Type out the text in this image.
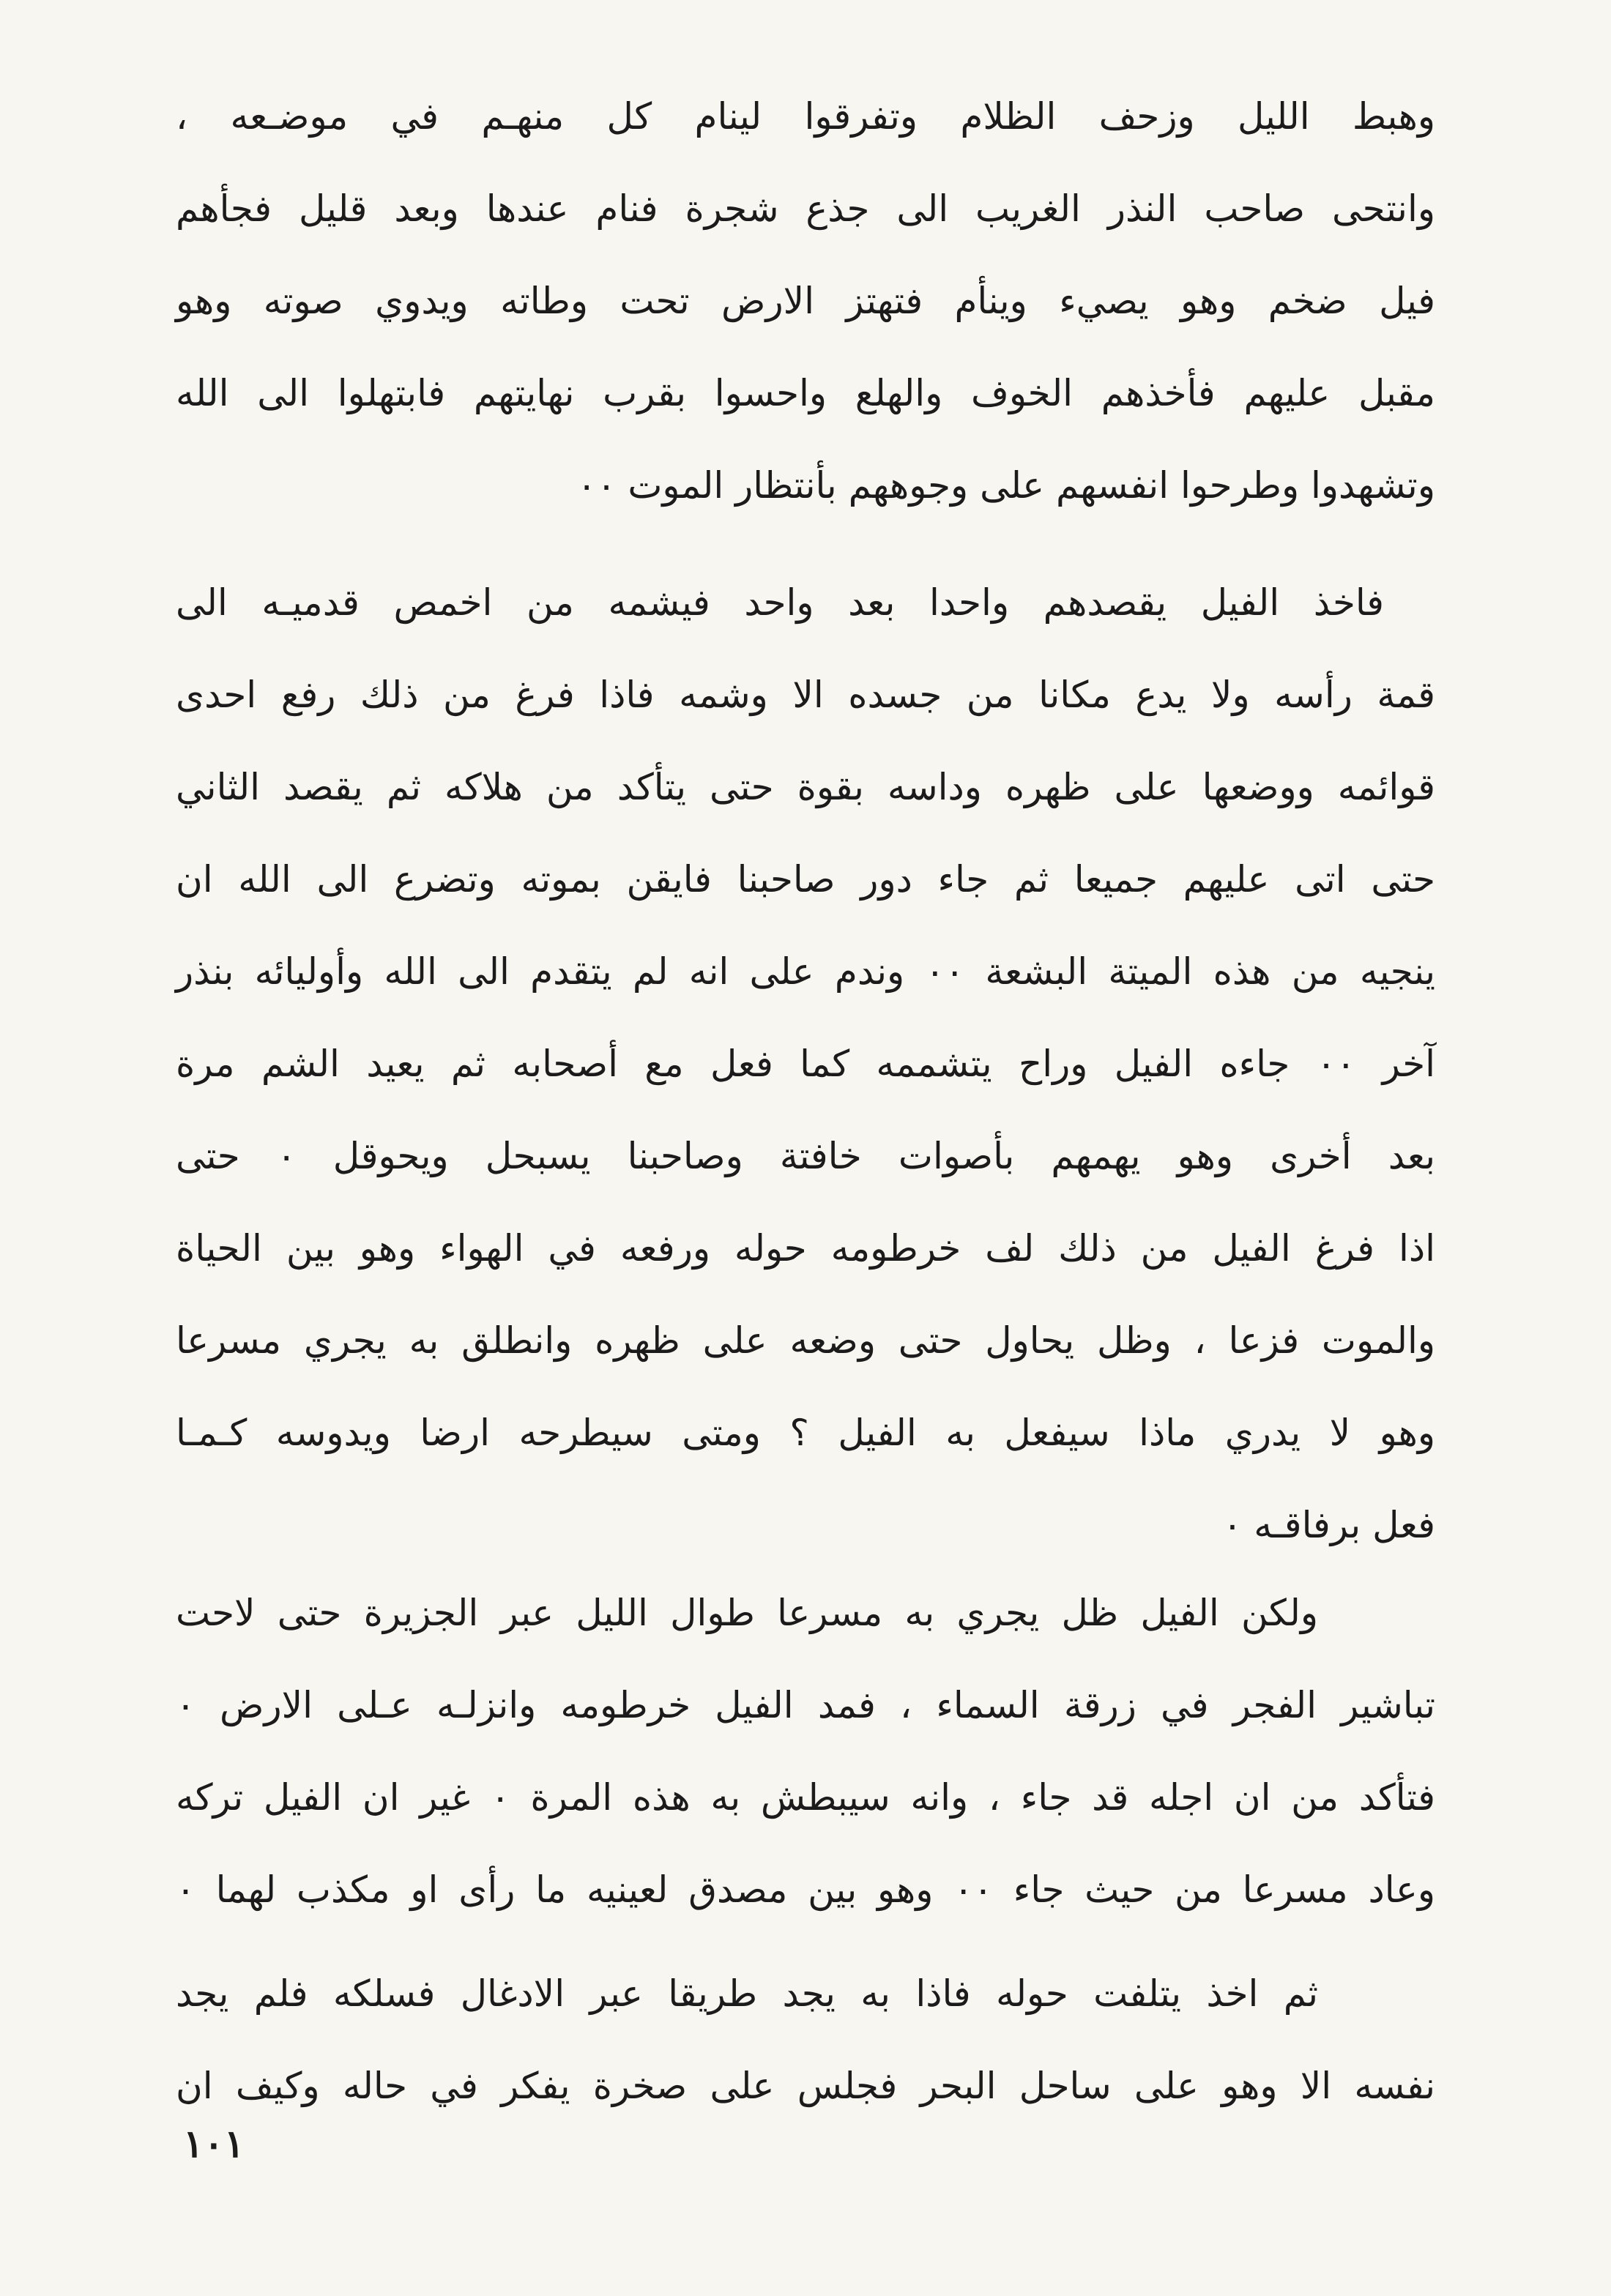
وهبط الليل وزحف الظلام وتفرقوا لينام كل منهـم في موضـعه ،
وانتحى صاحب النذر الغريب الى جذع شجرة فنام عندها وبعد قليل فجأهم
فيل ضخم وهو يصيء وينأم فتهتز الارض تحت وطاته ويدوي صوته وهو
مقبل عليهم فأخذهم الخوف والهلع واحسوا بقرب نهايتهم فابتهلوا الى الله
وتشهدوا وطرحوا انفسهم على وجوههم بأنتظار الموت ٠٠
فاخذ الفيل يقصدهم واحدا بعد واحد فيشمه من اخمص قدميـه الى
قمة رأسه ولا يدع مكانا من جسده الا وشمه فاذا فرغ من ذلك رفع احدى
قوائمه ووضعها على ظهره وداسه بقوة حتى يتأكد من هلاكه ثم يقصد الثاني
حتى اتى عليهم جميعا ثم جاء دور صاحبنا فايقن بموته وتضرع الى الله ان
ينجيه من هذه الميتة البشعة ٠٠ وندم على انه لم يتقدم الى الله وأوليائه بنذر
آخر ٠٠ جاءه الفيل وراح يتشممه كما فعل مع أصحابه ثم يعيد الشم مرة
بعد أخرى وهو يهمهم بأصوات خافتة وصاحبنا يسبحل ويحوقل ٠ حتى
اذا فرغ الفيل من ذلك لف خرطومه حوله ورفعه في الهواء وهو بين الحياة
والموت فزعا ، وظل يحاول حتى وضعه على ظهره وانطلق به يجري مسرعا
وهو لا يدري ماذا سيفعل به الفيل ؟ ومتى سيطرحه ارضا ويدوسه كـمـا
فعل برفاقـه ٠
ولكن الفيل ظل يجري به مسرعا طوال الليل عبر الجزيرة حتى لاحت
تباشير الفجر في زرقة السماء ، فمد الفيل خرطومه وانزلـه عـلى الارض ٠
فتأكد من ان اجله قد جاء ، وانه سيبطش به هذه المرة ٠ غير ان الفيل تركه
وعاد مسرعا من حيث جاء ٠٠ وهو بين مصدق لعينيه ما رأى او مكذب لهما ٠
ثم اخذ يتلفت حوله فاذا به يجد طريقا عبر الادغال فسلكه فلم يجد
نفسه الا وهو على ساحل البحر فجلس على صخرة يفكر في حاله وكيف ان
١٠١
